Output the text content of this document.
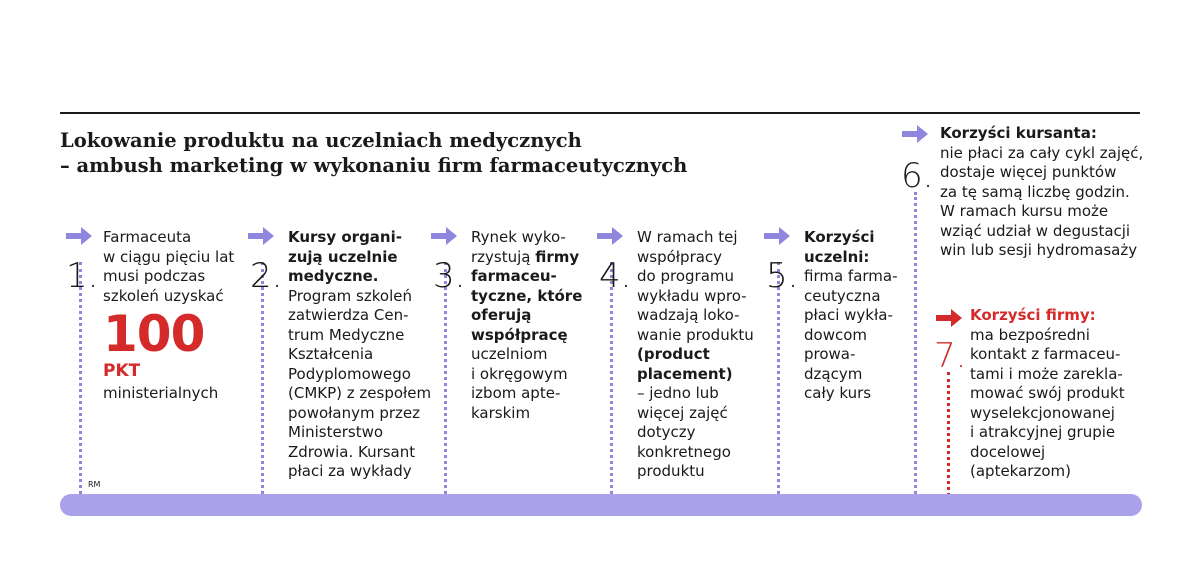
Lokowanie produktu na uczelniach medycznych
– ambush marketing w wykonaniu firm farmaceutycznych
1.	2.	3.	4.	5.
6.
7.
Farmaceuta
w ciągu pięciu lat
musi podczas
szkoleń uzyskać
100
PKT
ministerialnych
RM
Kursy organi-
zują uczelnie
medyczne.
Program szkoleń
zatwierdza Cen-
trum Medyczne
Kształcenia
Podyplomowego
(CMKP) z zespołem
powołanym przez
Ministerstwo
Zdrowia. Kursant
płaci za wykłady
Rynek wyko-
rzystują firmy
farmaceu-
tyczne, które
oferują
współpracę
uczelniom
i okręgowym
izbom apte-
karskim
W ramach tej
współpracy
do programu
wykładu wpro-
wadzają loko-
wanie produktu
(product
placement)
– jedno lub
więcej zajęć
dotyczy
konkretnego
produktu
Korzyści
uczelni:
firma farma-
ceutyczna
płaci wykła-
dowcom
prowa-
dzącym
cały kurs
Korzyści kursanta:
nie płaci za cały cykl zajęć,
dostaje więcej punktów
za tę samą liczbę godzin.
W ramach kursu może
wziąć udział w degustacji
win lub sesji hydromasaży
Korzyści firmy:
ma bezpośredni
kontakt z farmaceu-
tami i może zarekla-
mować swój produkt
wyselekcjonowanej
i atrakcyjnej grupie
docelowej
(aptekarzom)
